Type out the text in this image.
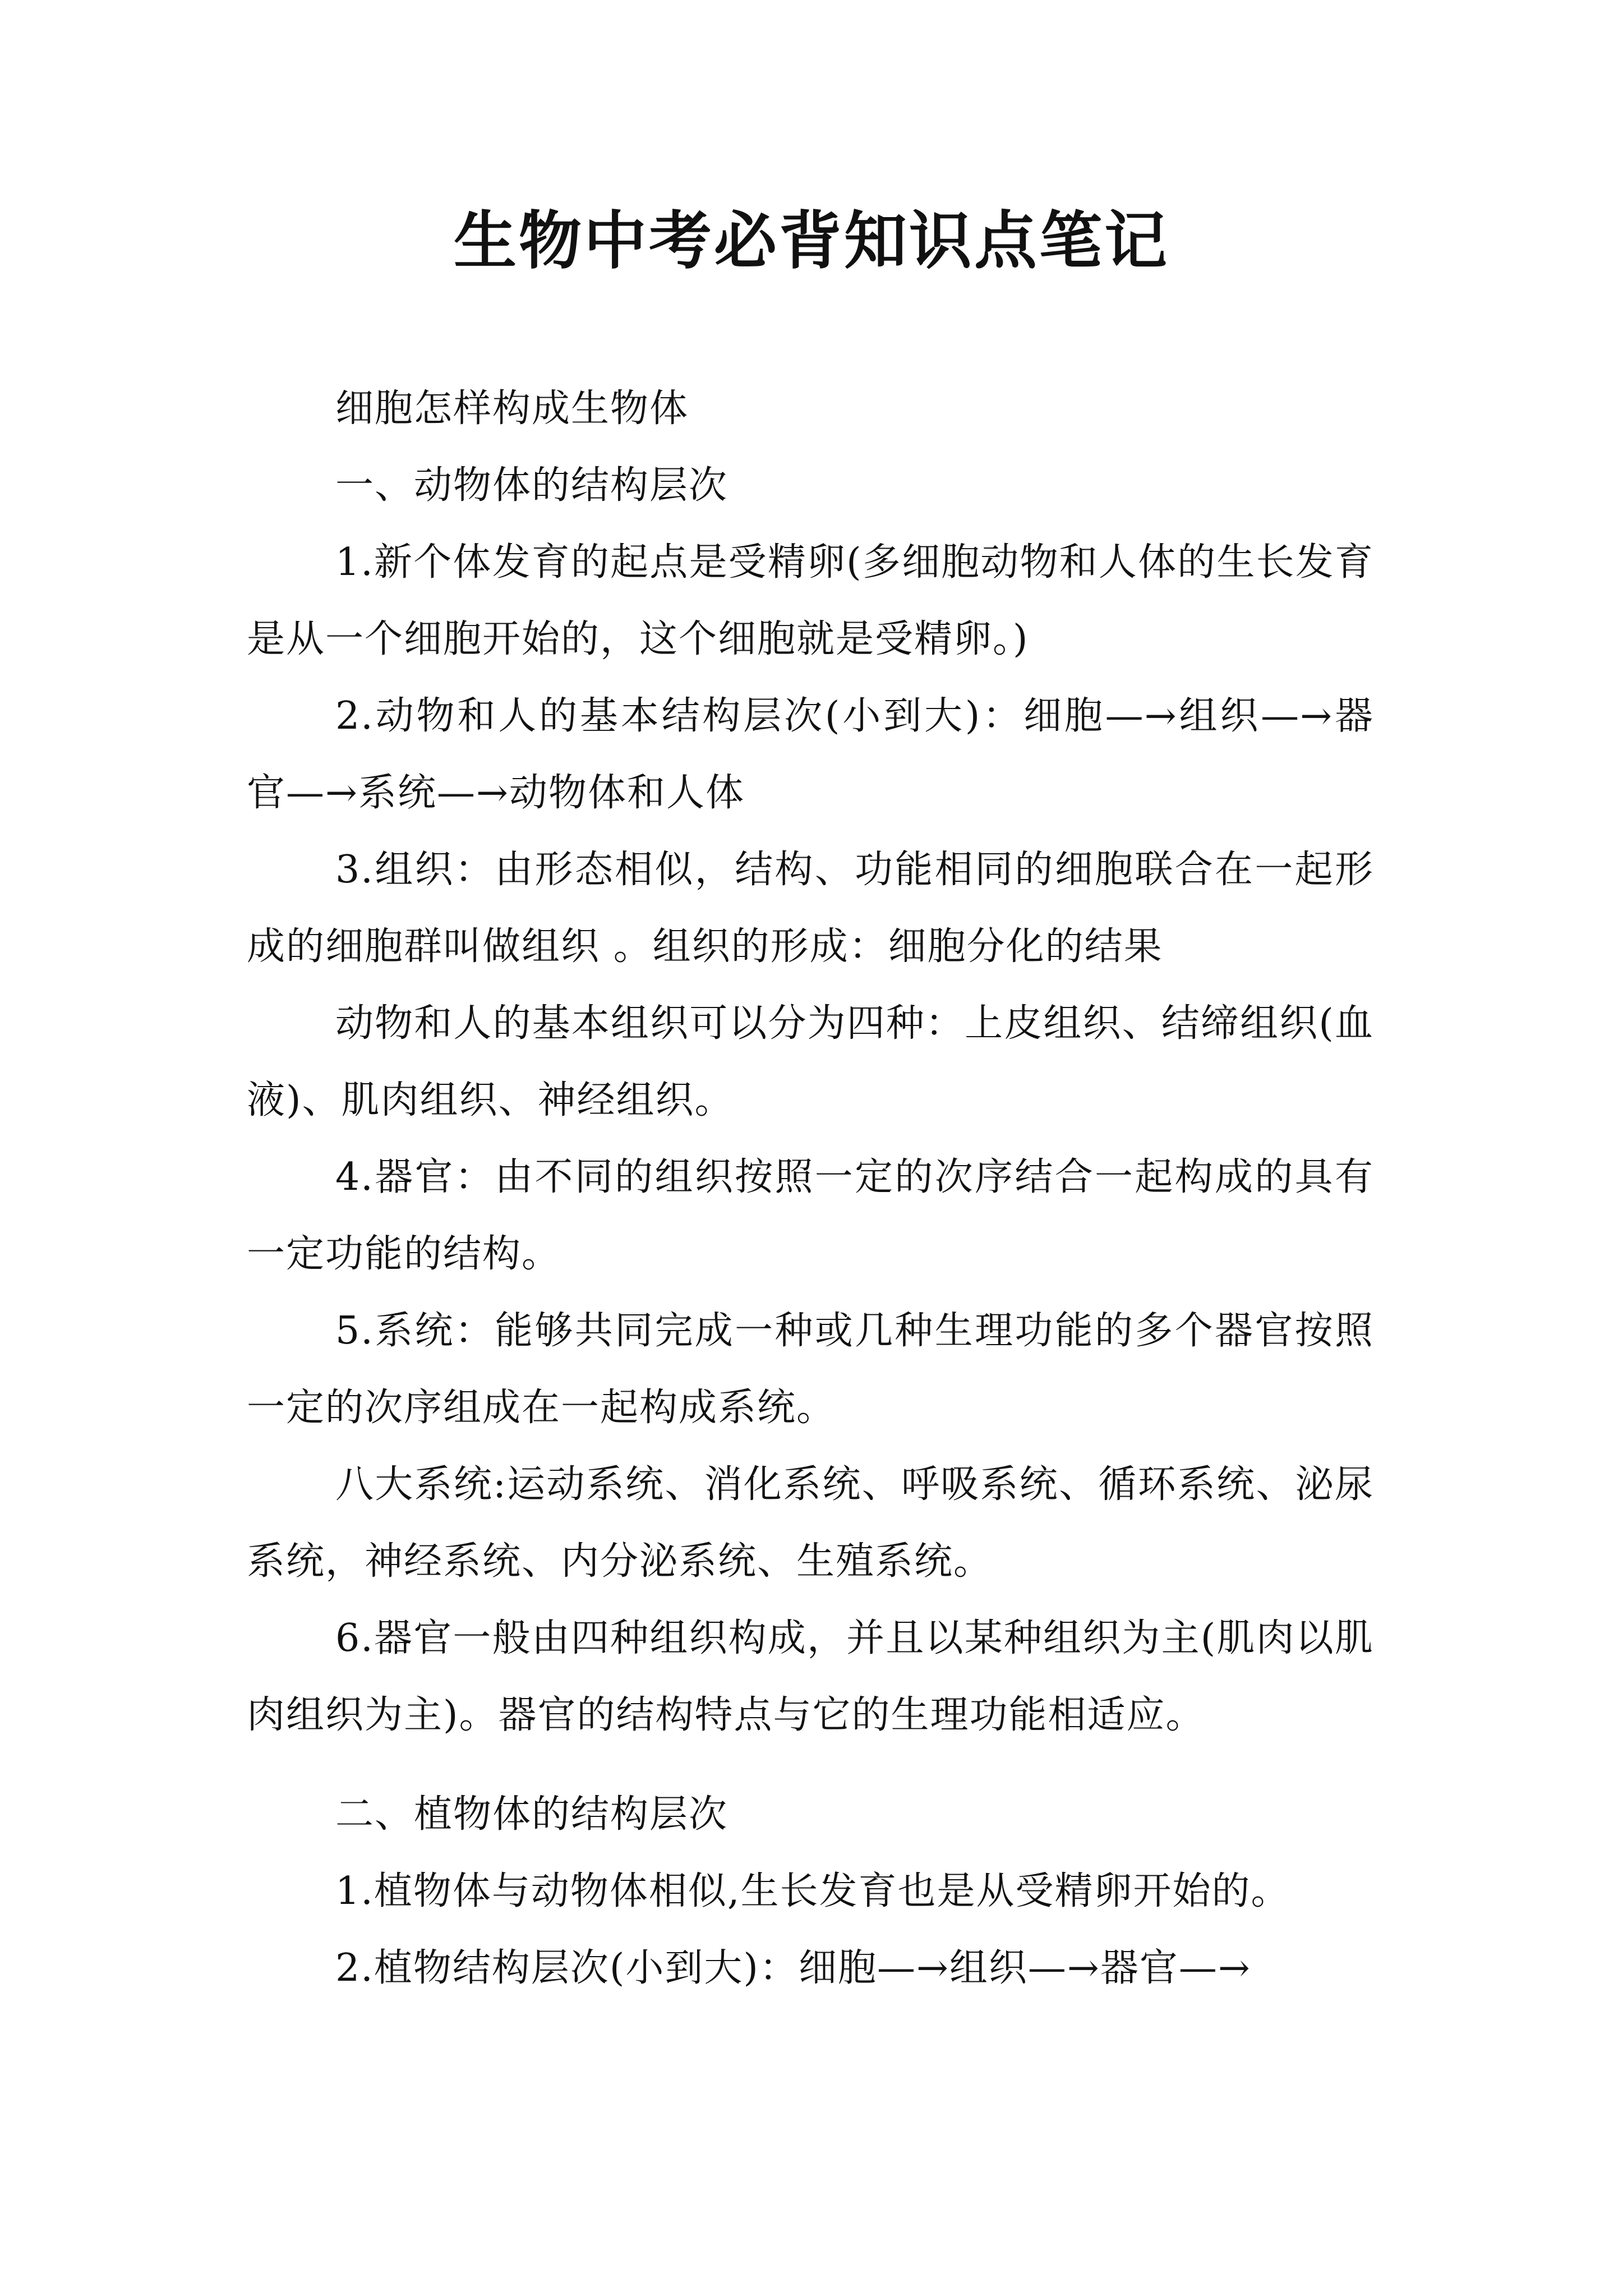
生物中考必背知识点笔记

细胞怎样构成生物体

一、动物体的结构层次

1.新个体发育的起点是受精卵(多细胞动物和人体的生长发育是从一个细胞开始的，这个细胞就是受精卵。)

2.动物和人的基本结构层次(小到大)：细胞—→组织—→器官—→系统—→动物体和人体

3.组织：由形态相似，结构、功能相同的细胞联合在一起形成的细胞群叫做组织 。组织的形成：细胞分化的结果

动物和人的基本组织可以分为四种：上皮组织、结缔组织(血液)、肌肉组织、神经组织。

4.器官：由不同的组织按照一定的次序结合一起构成的具有一定功能的结构。

5.系统：能够共同完成一种或几种生理功能的多个器官按照一定的次序组成在一起构成系统。

八大系统:运动系统、消化系统、呼吸系统、循环系统、泌尿系统，神经系统、内分泌系统、生殖系统。

6.器官一般由四种组织构成，并且以某种组织为主(肌肉以肌肉组织为主)。器官的结构特点与它的生理功能相适应。

二、植物体的结构层次

1.植物体与动物体相似,生长发育也是从受精卵开始的。

2.植物结构层次(小到大)：细胞—→组织—→器官—→
